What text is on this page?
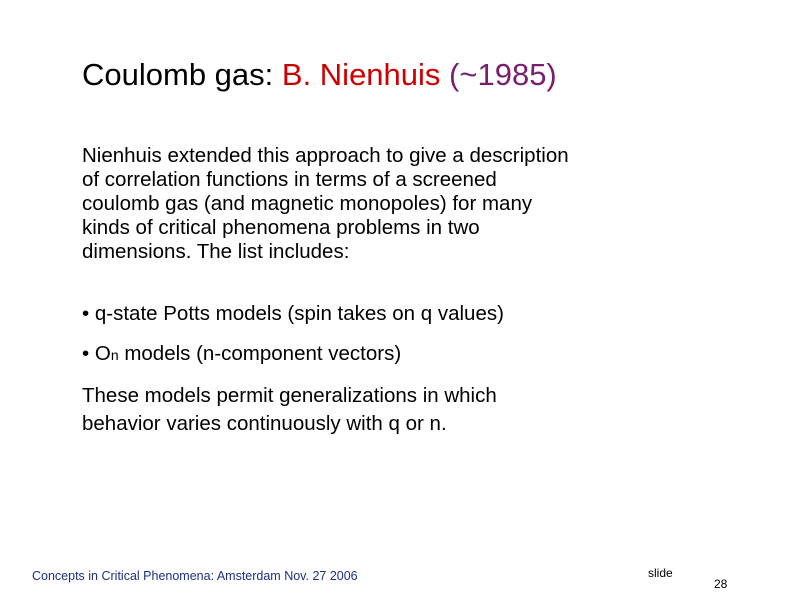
Coulomb gas: B. Nienhuis (~1985)

Nienhuis extended this approach to give a description
of correlation functions in terms of a screened
coulomb gas (and magnetic monopoles) for many
kinds of critical phenomena problems in two
dimensions. The list includes:

• q-state Potts models (spin takes on q values)

• On models (n-component vectors)

These models permit generalizations in which
behavior varies continuously with q or n.

Concepts in Critical Phenomena: Amsterdam Nov. 27 2006	slide

28
